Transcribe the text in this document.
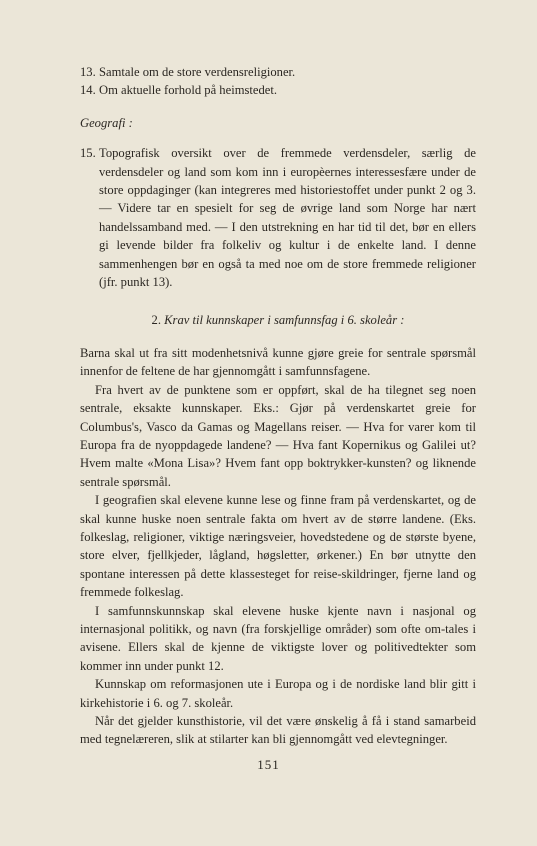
13. Samtale om de store verdensreligioner.
14. Om aktuelle forhold på heimstedet.
Geografi :
15. Topografisk oversikt over de fremmede verdensdeler, særlig de verdensdeler og land som kom inn i europèernes interessesfære under de store oppdaginger (kan integreres med historiestoffet under punkt 2 og 3. — Videre tar en spesielt for seg de øvrige land som Norge har nært handelssamband med. — I den utstrekning en har tid til det, bør en ellers gi levende bilder fra folkeliv og kultur i de enkelte land. I denne sammenhengen bør en også ta med noe om de store fremmede religioner (jfr. punkt 13).
2. Krav til kunnskaper i samfunnsfag i 6. skoleår :

Barna skal ut fra sitt modenhetsnivå kunne gjøre greie for sentrale spørsmål innenfor de feltene de har gjennomgått i samfunnsfagene.

Fra hvert av de punktene som er oppført, skal de ha tilegnet seg noen sentrale, eksakte kunnskaper. Eks.: Gjør på verdenskartet greie for Columbus's, Vasco da Gamas og Magellans reiser. — Hva for varer kom til Europa fra de nyoppdagede landene? — Hva fant Kopernikus og Galilei ut? Hvem malte «Mona Lisa»? Hvem fant opp boktrykker-kunsten? og liknende sentrale spørsmål.

I geografien skal elevene kunne lese og finne fram på verdenskartet, og de skal kunne huske noen sentrale fakta om hvert av de større landene. (Eks. folkeslag, religioner, viktige næringsveier, hovedstedene og de største byene, store elver, fjellkjeder, lågland, høgsletter, ørkener.) En bør utnytte den spontane interessen på dette klassesteget for reise-skildringer, fjerne land og fremmede folkeslag.

I samfunnskunnskap skal elevene huske kjente navn i nasjonal og internasjonal politikk, og navn (fra forskjellige områder) som ofte om-tales i avisene. Ellers skal de kjenne de viktigste lover og politivedtekter som kommer inn under punkt 12.

Kunnskap om reformasjonen ute i Europa og i de nordiske land blir gitt i kirkehistorie i 6. og 7. skoleår.

Når det gjelder kunsthistorie, vil det være ønskelig å få i stand samarbeid med tegnelæreren, slik at stilarter kan bli gjennomgått ved elevtegninger.

151
